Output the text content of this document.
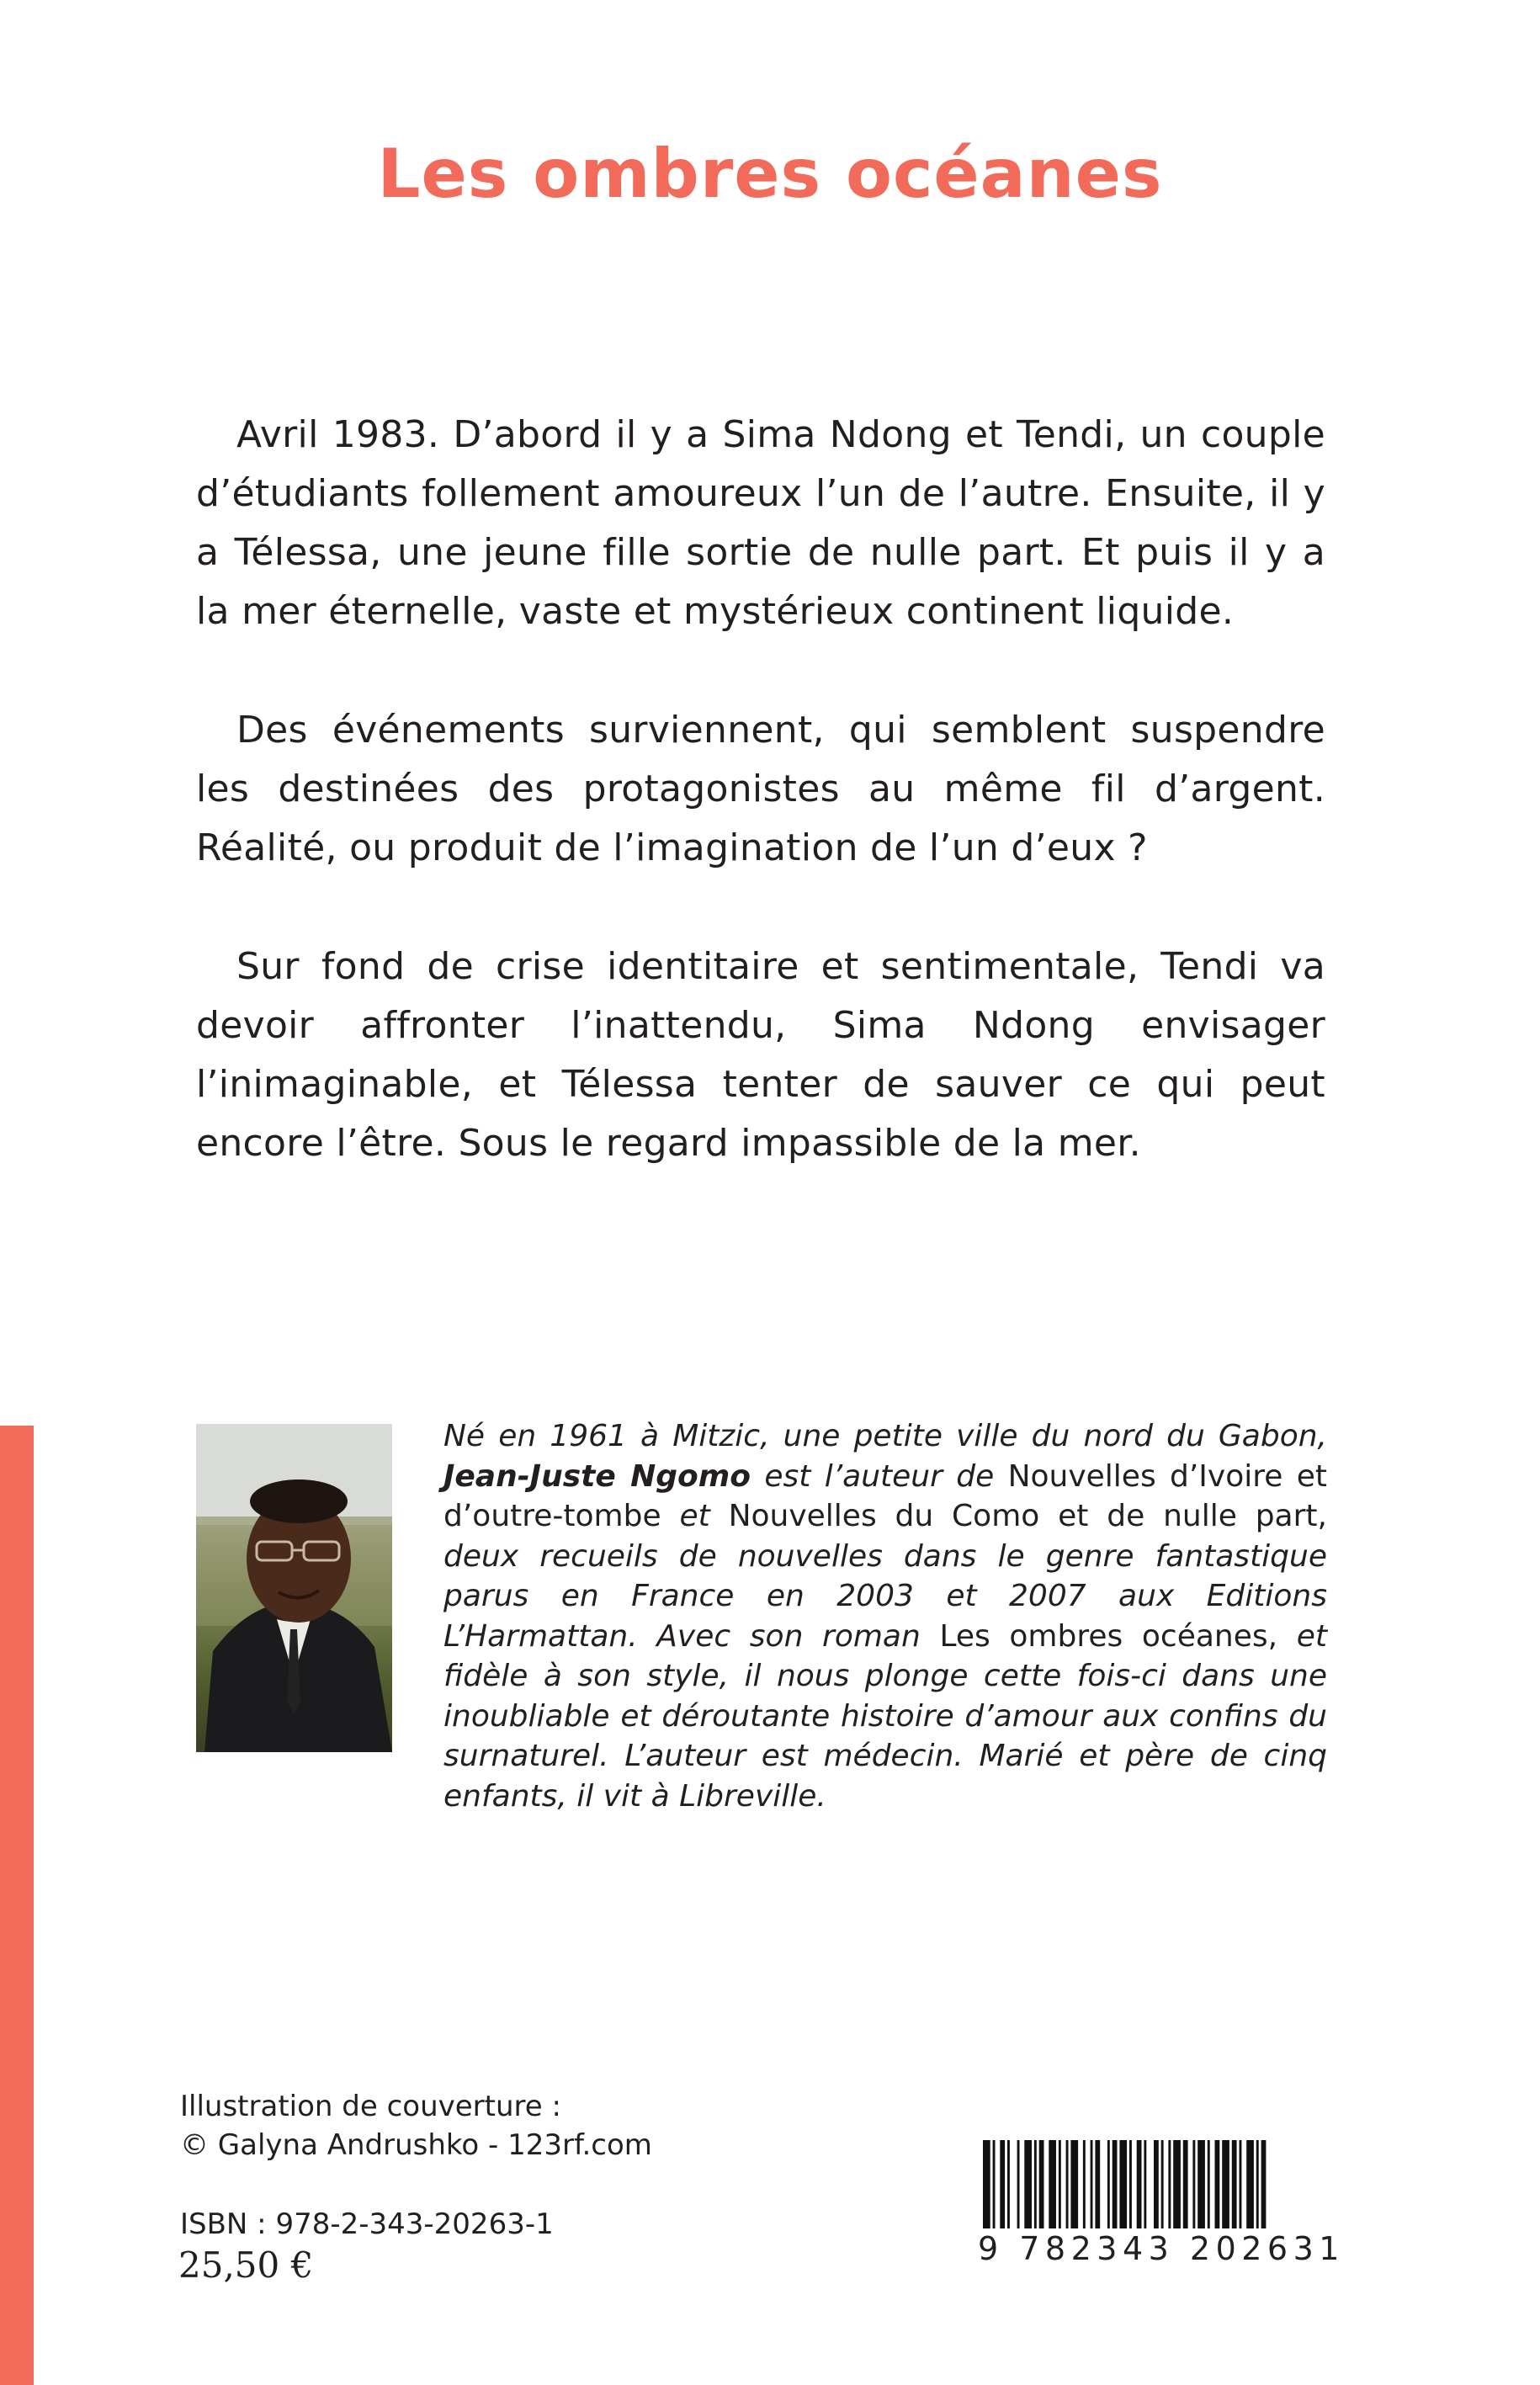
Les ombres océanes

Avril 1983. D’abord il y a Sima Ndong et Tendi, un couple d’étudiants follement amoureux l’un de l’autre. Ensuite, il y a Télessa, une jeune fille sortie de nulle part. Et puis il y a la mer éternelle, vaste et mystérieux continent liquide.

Des événements surviennent, qui semblent suspendre les destinées des protagonistes au même fil d’argent. Réalité, ou produit de l’imagination de l’un d’eux ?

Sur fond de crise identitaire et sentimentale, Tendi va devoir affronter l’inattendu, Sima Ndong envisager l’inimaginable, et Télessa tenter de sauver ce qui peut encore l’être. Sous le regard impassible de la mer.

Né en 1961 à Mitzic, une petite ville du nord du Gabon, Jean-Juste Ngomo est l’auteur de Nouvelles d’Ivoire et d’outre-tombe et Nouvelles du Como et de nulle part, deux recueils de nouvelles dans le genre fantastique parus en France en 2003 et 2007 aux Editions L’Harmattan. Avec son roman Les ombres océanes, et fidèle à son style, il nous plonge cette fois-ci dans une inoubliable et déroutante histoire d’amour aux confins du surnaturel. L’auteur est médecin. Marié et père de cinq enfants, il vit à Libreville.

Illustration de couverture :
© Galyna Andrushko - 123rf.com
ISBN : 978-2-343-20263-1
25,50 €	9 782343 202631
